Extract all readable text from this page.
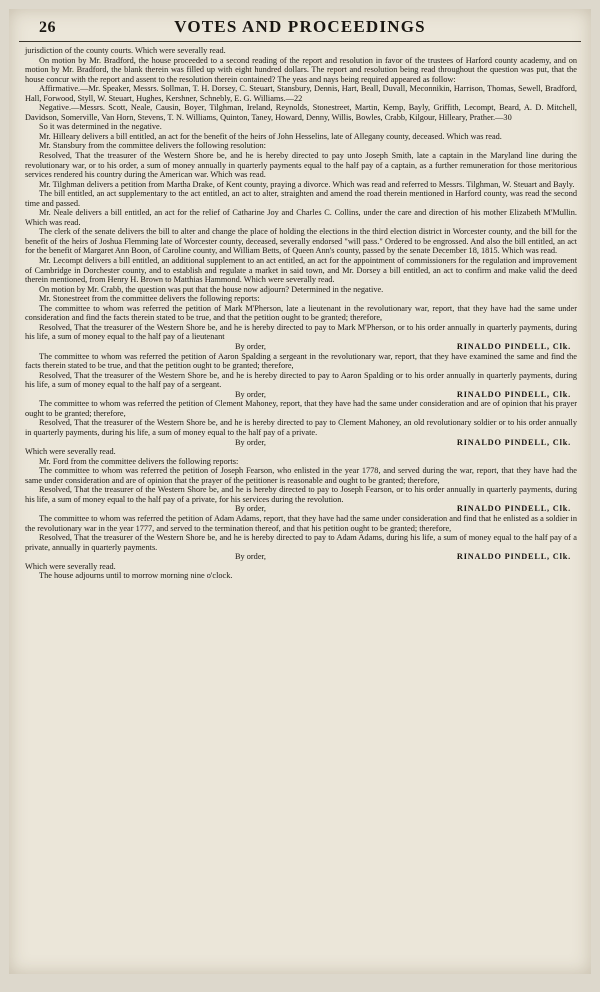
26	VOTES AND PROCEEDINGS

jurisdiction of the county courts. Which were severally read.

On motion by Mr. Bradford, the house proceeded to a second reading of the report and resolution in favor of the trustees of Harford county academy, and on motion by Mr. Bradford, the blank therein was filled up with eight hundred dollars. The report and resolution being read throughout the question was put, that the house concur with the report and assent to the resolution therein contained? The yeas and nays being required appeared as follow:

Affirmative.—Mr. Speaker, Messrs. Sollman, T. H. Dorsey, C. Steuart, Stansbury, Dennis, Hart, Beall, Duvall, Meconnikin, Harrison, Thomas, Sewell, Bradford, Hall, Forwood, Styll, W. Steuart, Hughes, Kershner, Schnebly, E. G. Williams.—22

Negative.—Messrs. Scott, Neale, Causin, Boyer, Tilghman, Ireland, Reynolds, Stonestreet, Martin, Kemp, Bayly, Griffith, Lecompt, Beard, A. D. Mitchell, Davidson, Somerville, Van Horn, Stevens, T. N. Williams, Quinton, Taney, Howard, Denny, Willis, Bowles, Crabb, Kilgour, Hilleary, Prather.—30

So it was determined in the negative.

Mr. Hilleary delivers a bill entitled, an act for the benefit of the heirs of John Hesselins, late of Allegany county, deceased. Which was read.

Mr. Stansbury from the committee delivers the following resolution:

Resolved, That the treasurer of the Western Shore be, and he is hereby directed to pay unto Joseph Smith, late a captain in the Maryland line during the revolutionary war, or to his order, a sum of money annually in quarterly payments equal to the half pay of a captain, as a further remuneration for those meritorious services rendered his country during the American war. Which was read.

Mr. Tilghman delivers a petition from Martha Drake, of Kent county, praying a divorce. Which was read and referred to Messrs. Tilghman, W. Steuart and Bayly.

The bill entitled, an act supplementary to the act entitled, an act to alter, straighten and amend the road therein mentioned in Harford county, was read the second time and passed.

Mr. Neale delivers a bill entitled, an act for the relief of Catharine Joy and Charles C. Collins, under the care and direction of his mother Elizabeth M'Mullin. Which was read.

The clerk of the senate delivers the bill to alter and change the place of holding the elections in the third election district in Worcester county, and the bill for the benefit of the heirs of Joshua Flemming late of Worcester county, deceased, severally endorsed "will pass." Ordered to be engrossed. And also the bill entitled, an act for the benefit of Margaret Ann Boon, of Caroline county, and William Betts, of Queen Ann's county, passed by the senate December 18, 1815. Which was read.

Mr. Lecompt delivers a bill entitled, an additional supplement to an act entitled, an act for the appointment of commissioners for the regulation and improvement of Cambridge in Dorchester county, and to establish and regulate a market in said town, and Mr. Dorsey a bill entitled, an act to confirm and make valid the deed therein mentioned, from Henry H. Brown to Matthias Hammond. Which were severally read.

On motion by Mr. Crabb, the question was put that the house now adjourn? Determined in the negative.

Mr. Stonestreet from the committee delivers the following reports:

The committee to whom was referred the petition of Mark M'Pherson, late a lieutenant in the revolutionary war, report, that they have had the same under consideration and find the facts therein stated to be true, and that the petition ought to be granted; therefore,

Resolved, That the treasurer of the Western Shore be, and he is hereby directed to pay to Mark M'Pherson, or to his order annually in quarterly payments, during his life, a sum of money equal to the half pay of a lieutenant

By order,	RINALDO PINDELL, Clk.

The committee to whom was referred the petition of Aaron Spalding a sergeant in the revolutionary war, report, that they have examined the same and find the facts therein stated to be true, and that the petition ought to be granted; therefore,

Resolved, That the treasurer of the Western Shore be, and he is hereby directed to pay to Aaron Spalding or to his order annually in quarterly payments, during his life, a sum of money equal to the half pay of a sergeant.

By order,	RINALDO PINDELL, Clk.

The committee to whom was referred the petition of Clement Mahoney, report, that they have had the same under consideration and are of opinion that his prayer ought to be granted; therefore,

Resolved, That the treasurer of the Western Shore be, and he is hereby directed to pay to Clement Mahoney, an old revolutionary soldier or to his order annually in quarterly payments, during his life, a sum of money equal to the half pay of a private.

By order,	RINALDO PINDELL, Clk.

Which were severally read.

Mr. Ford from the committee delivers the following reports:

The committee to whom was referred the petition of Joseph Fearson, who enlisted in the year 1778, and served during the war, report, that they have had the same under consideration and are of opinion that the prayer of the petitioner is reasonable and ought to be granted; therefore,

Resolved, That the treasurer of the Western Shore be, and he is hereby directed to pay to Joseph Fearson, or to his order annually in quarterly payments, during his life, a sum of money equal to the half pay of a private, for his services during the revolution.

By order,	RINALDO PINDELL, Clk.

The committee to whom was referred the petition of Adam Adams, report, that they have had the same under consideration and find that he enlisted as a soldier in the revolutionary war in the year 1777, and served to the termination thereof, and that his petition ought to be granted; therefore,

Resolved, That the treasurer of the Western Shore be, and he is hereby directed to pay to Adam Adams, during his life, a sum of money equal to the half pay of a private, annually in quarterly payments.

By order,	RINALDO PINDELL, Clk.

Which were severally read.

The house adjourns until to morrow morning nine o'clock.
